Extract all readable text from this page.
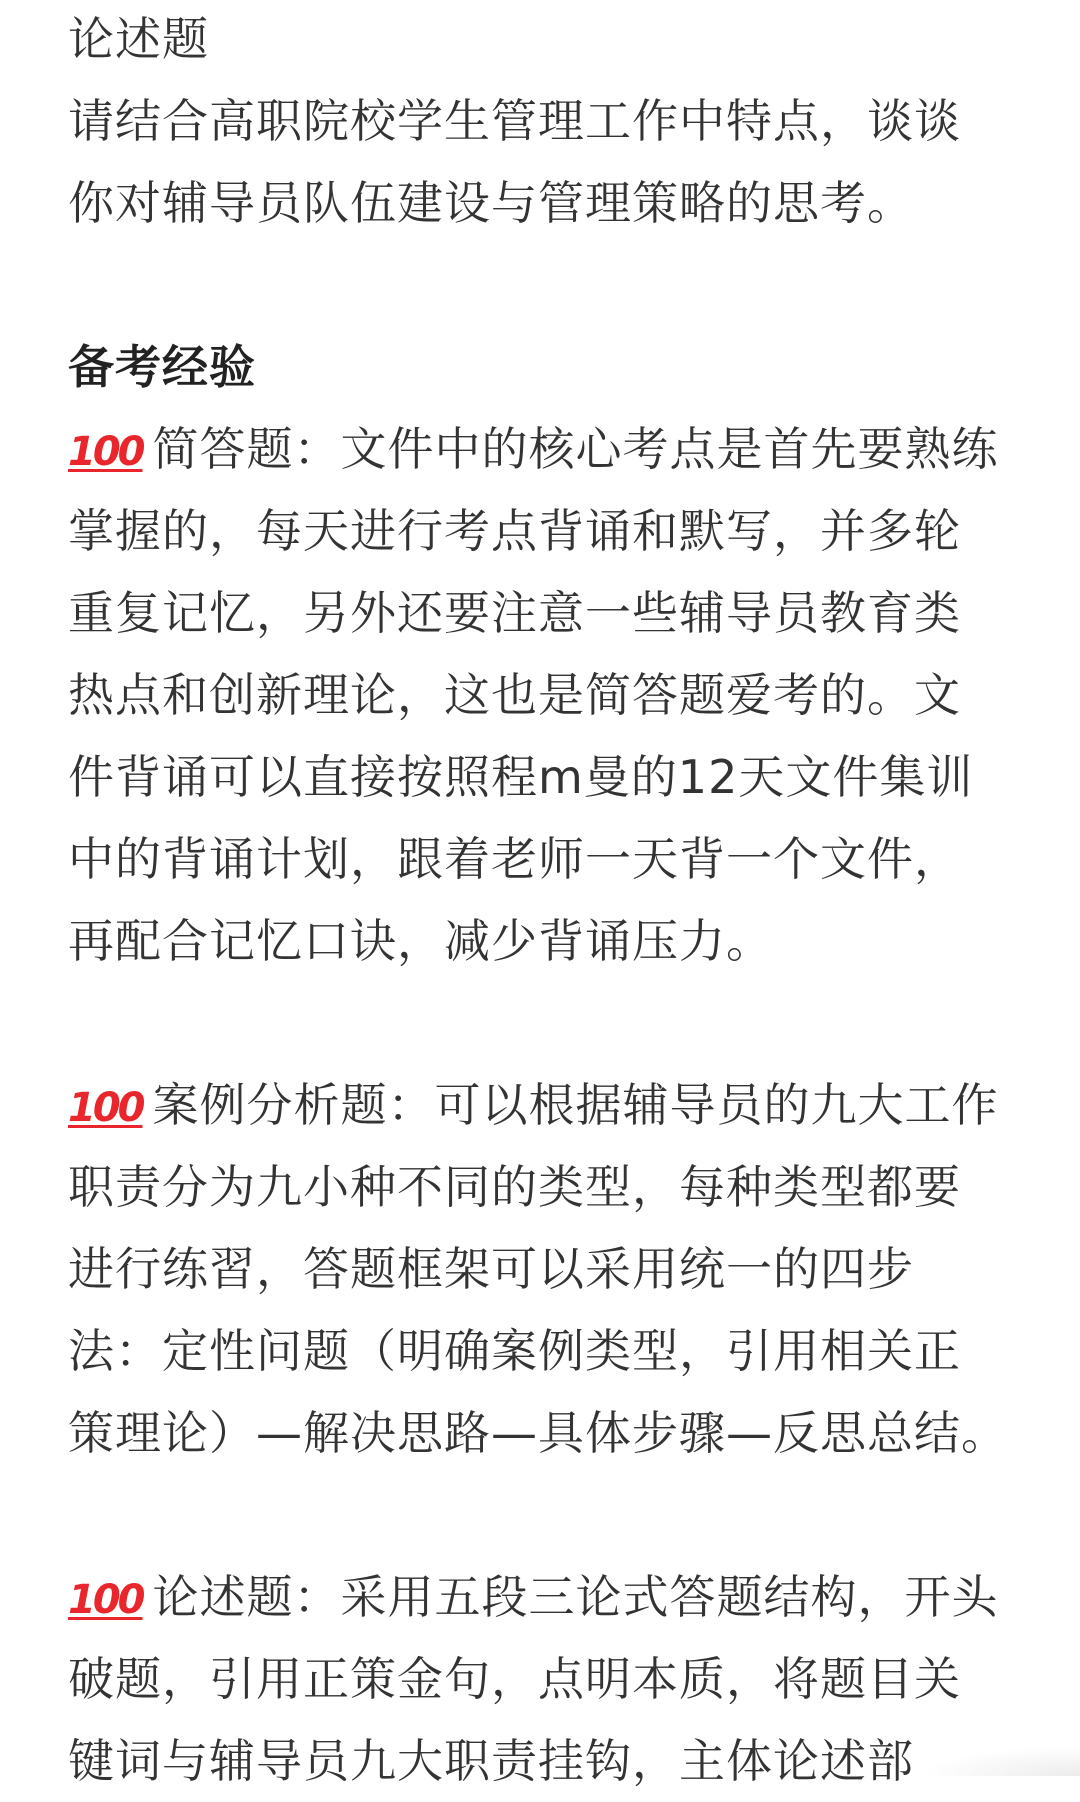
论述题
请结合高职院校学生管理工作中特点，谈谈
你对辅导员队伍建设与管理策略的思考。
备考经验
100 简答题：文件中的核心考点是首先要熟练
掌握的，每天进行考点背诵和默写，并多轮
重复记忆，另外还要注意一些辅导员教育类
热点和创新理论，这也是简答题爱考的。文
件背诵可以直接按照程m曼的12天文件集训
中的背诵计划，跟着老师一天背一个文件，
再配合记忆口诀，减少背诵压力。
100 案例分析题：可以根据辅导员的九大工作
职责分为九小种不同的类型，每种类型都要
进行练習，答题框架可以采用统一的四步
法：定性问题（明确案例类型，引用相关正
策理论）—解决思路—具体步骤—反思总结。
100 论述题：采用五段三论式答题结构，开头
破题，引用正策金句，点明本质，将题目关
键词与辅导员九大职责挂钩，主体论述部
